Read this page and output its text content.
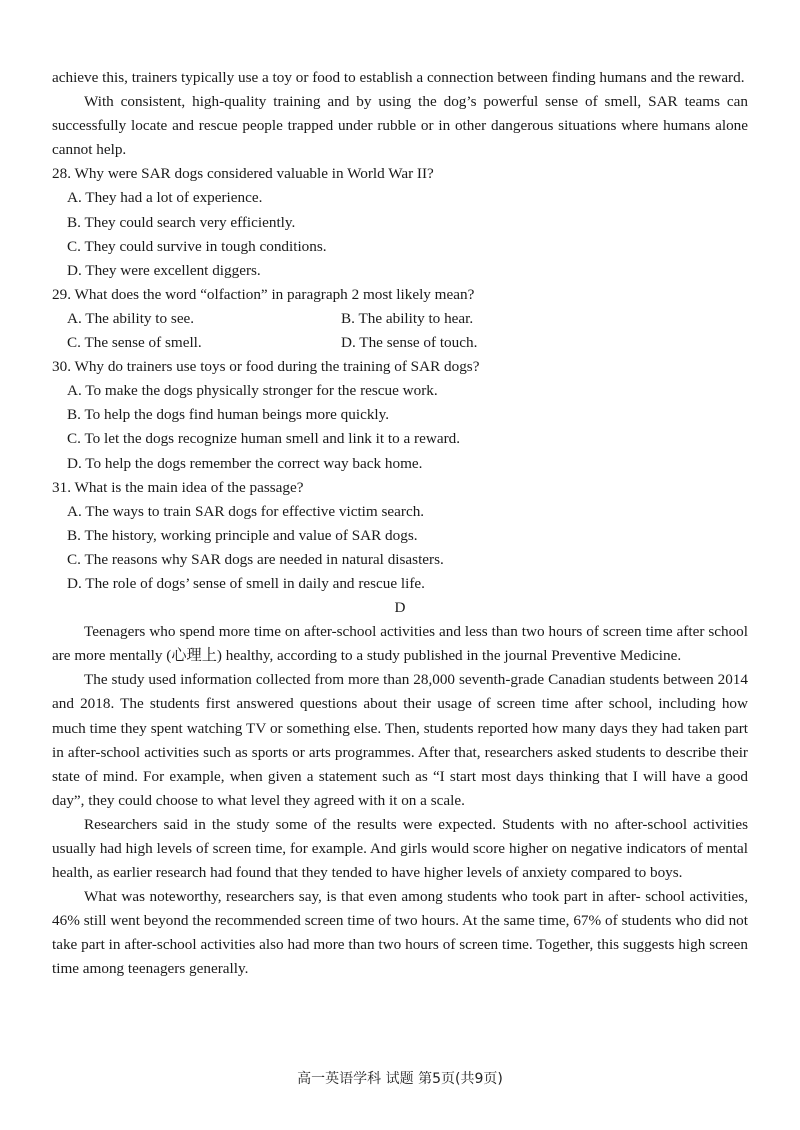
achieve this, trainers typically use a toy or food to establish a connection between finding humans and the reward.

With consistent, high-quality training and by using the dog’s powerful sense of smell, SAR teams can successfully locate and rescue people trapped under rubble or in other dangerous situations where humans alone cannot help.

28. Why were SAR dogs considered valuable in World War II?

A. They had a lot of experience.

B. They could search very efficiently.

C. They could survive in tough conditions.

D. They were excellent diggers.

29. What does the word “olfaction” in paragraph 2 most likely mean?

A. The ability to see.	B. The ability to hear.
C. The sense of smell.	D. The sense of touch.

30. Why do trainers use toys or food during the training of SAR dogs?

A. To make the dogs physically stronger for the rescue work.

B. To help the dogs find human beings more quickly.

C. To let the dogs recognize human smell and link it to a reward.

D. To help the dogs remember the correct way back home.

31. What is the main idea of the passage?

A. The ways to train SAR dogs for effective victim search.

B. The history, working principle and value of SAR dogs.

C. The reasons why SAR dogs are needed in natural disasters.

D. The role of dogs’ sense of smell in daily and rescue life.

D

Teenagers who spend more time on after-school activities and less than two hours of screen time after school are more mentally (心理上) healthy, according to a study published in the journal Preventive Medicine.

The study used information collected from more than 28,000 seventh-grade Canadian students between 2014 and 2018. The students first answered questions about their usage of screen time after school, including how much time they spent watching TV or something else. Then, students reported how many days they had taken part in after-school activities such as sports or arts programmes. After that, researchers asked students to describe their state of mind. For example, when given a statement such as “I start most days thinking that I will have a good day”, they could choose to what level they agreed with it on a scale.

Researchers said in the study some of the results were expected. Students with no after-school activities usually had high levels of screen time, for example. And girls would score higher on negative indicators of mental health, as earlier research had found that they tended to have higher levels of anxiety compared to boys.

What was noteworthy, researchers say, is that even among students who took part in after- school activities, 46% still went beyond the recommended screen time of two hours. At the same time, 67% of students who did not take part in after-school activities also had more than two hours of screen time. Together, this suggests high screen time among teenagers generally.

高一英语学科 试题 第5页(共9页)
